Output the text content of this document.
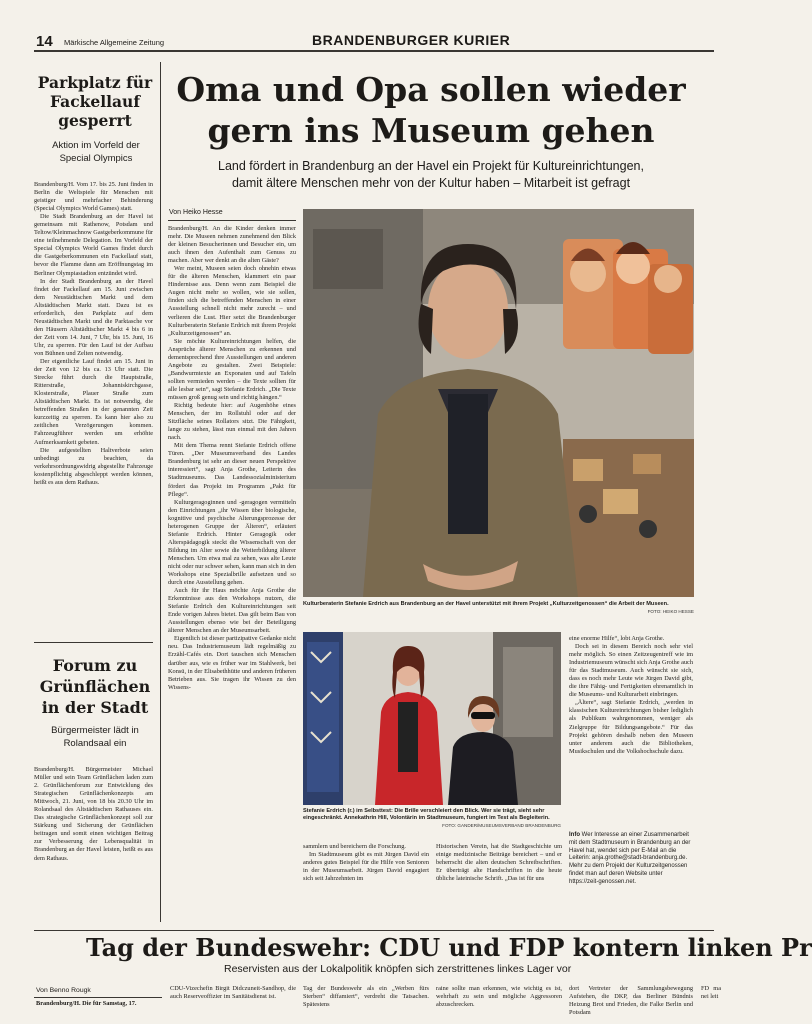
14 Märkische Allgemeine Zeitung	BRANDENBURGER KURIER
Parkplatz für Fackellauf gesperrt
Aktion im Vorfeld der Special Olympics

Brandenburg/H. Vom 17. bis 25. Juni finden in Berlin die Weltspiele für Menschen mit geistiger und mehrfacher Behinderung (Special Olympics World Games) statt.

Die Stadt Brandenburg an der Havel ist gemeinsam mit Rathenow, Potsdam und Teltow/Kleinmachnow Gastgeberkommune für eine teilnehmende Delegation. Im Vorfeld der Special Olympics World Games findet durch die Gastgeberkommunen ein Fackellauf statt, bevor die Flamme dann am Eröffnungstag im Berliner Olympiastadion entzündet wird.

In der Stadt Brandenburg an der Havel findet der Fackellauf am 15. Juni zwischen dem Neustädtischen Markt und dem Altstädtischen Markt statt. Dazu ist es erforderlich, den Parkplatz auf dem Neustädtischen Markt und die Parktasche vor den Häusern Altstädtischer Markt 4 bis 6 in der Zeit vom 14. Juni, 7 Uhr, bis 15. Juni, 16 Uhr, zu sperren. Für den Lauf ist der Aufbau von Bühnen und Zelten notwendig.

Der eigentliche Lauf findet am 15. Juni in der Zeit von 12 bis ca. 13 Uhr statt. Die Strecke führt durch die Hauptstraße, Ritterstraße, Johanniskirchgasse, Klosterstraße, Plauer Straße zum Altstädtischen Markt. Es ist notwendig, die betreffenden Straßen in der genannten Zeit kurzzeitig zu sperren. Es kann hier also zu zeitlichen Verzögerungen kommen. Fahrzeugführer werden um erhöhte Aufmerksamkeit gebeten.

Die aufgestellten Haltverbote seien unbedingt zu beachten, da verkehrsordnungswidrig abgestellte Fahrzeuge kostenpflichtig abgeschleppt werden können, heißt es aus dem Rathaus.

Forum zu Grünflächen in der Stadt
Bürgermeister lädt in Rolandsaal ein

Brandenburg/H. Bürgermeister Michael Müller und sein Team Grünflächen laden zum 2. Grünflächenforum zur Entwicklung des Strategischen Grünflächenkonzepts am Mittwoch, 21. Juni, von 18 bis 20.30 Uhr im Rolandsaal des Altstädtischen Rathauses ein. Das strategische Grünflächenkonzept soll zur Stärkung und Sicherung der Grünflächen beitragen und somit einen wichtigen Beitrag zur Verbesserung der Lebensqualität in Brandenburg an der Havel leisten, heißt es aus dem Rathaus.

Oma und Opa sollen wieder
gern ins Museum gehen
Land fördert in Brandenburg an der Havel ein Projekt für Kultureinrichtungen,
damit ältere Menschen mehr von der Kultur haben – Mitarbeit ist gefragt
Von Heiko Hesse

Brandenburg/H. An die Kinder denken immer mehr. Die Museen nehmen zunehmend den Blick der kleinen Besucherinnen und Besucher ein, um auch ihnen den Aufenthalt zum Genuss zu machen. Aber wer denkt an die alten Gäste?

Wer meint, Museen seien doch ohnehin etwas für die älteren Menschen, klammert ein paar Hindernisse aus. Denn wenn zum Beispiel die Augen nicht mehr so wollen, wie sie sollen, finden sich die betreffenden Menschen in einer Ausstellung schnell nicht mehr zurecht – und verlieren die Lust. Hier setzt die Brandenburger Kulturberaterin Stefanie Erdrich mit ihrem Projekt „Kulturzeitgenossen“ an.

Sie möchte Kultureinrichtungen helfen, die Ansprüche älterer Menschen zu erkennen und dementsprechend ihre Ausstellungen und anderen Angebote zu gestalten. Zwei Beispiele: „Bandwurmtexte an Exponaten und auf Tafeln sollten vermieden werden – die Texte sollten für alle lesbar sein“, sagt Stefanie Erdrich. „Die Texte müssen groß genug sein und richtig hängen.“

Richtig bedeute hier: auf Augenhöhe eines Menschen, der im Rollstuhl oder auf der Sitzfläche seines Rollators sitzt. Die Fähigkeit, lange zu stehen, lässt nun einmal mit den Jahren nach.

Mit dem Thema rennt Stefanie Erdrich offene Türen. „Der Museumsverband des Landes Brandenburg ist sehr an dieser neuen Perspektive interessiert“, sagt Anja Grothe, Leiterin des Stadtmuseums. Das Landessozialministerium fördert das Projekt im Programm „Pakt für Pflege“.

Kulturgeragoginnen und -geragogen vermitteln den Einrichtungen „ihr Wissen über biologische, kognitive und psychische Alterungsprozesse der heterogenen Gruppe der Älteren“, erläutert Stefanie Erdrich. Hinter Geragogik oder Alterspädagogik steckt die Wissenschaft von der Bildung im Alter sowie die Weiterbildung älterer Menschen. Um etwa mal zu sehen, was alte Leute nicht oder nur schwer sehen, kann man sich in den Workshops eine Spezialbrille aufsetzen und so durch eine Ausstellung gehen.

Auch für ihr Haus möchte Anja Grothe die Erkenntnisse aus den Workshops nutzen, die Stefanie Erdrich den Kultureinrichtungen seit Ende vorigen Jahres bietet. Das gilt beim Bau von Ausstellungen ebenso wie bei der Beteiligung älterer Menschen an der Museumsarbeit.

Eigentlich ist dieser partizipative Gedanke nicht neu. Das Industriemuseum lädt regelmäßig zu Erzähl-Cafés ein. Dort tauschen sich Menschen darüber aus, wie es früher war im Stahlwerk, bei Konsü, in der Elisabethhütte und anderen früheren Betrieben aus. Sie tragen ihr Wissen zu den Wissens-

Kulturberaterin Stefanie Erdrich aus Brandenburg an der Havel unterstützt mit ihrem Projekt „Kulturzeitgenossen“ die Arbeit der Museen.
FOTO: HEIKO HESSE
Stefanie Erdrich (r.) im Selbsttest: Die Brille verschleiert den Blick. Wer sie trägt, sieht sehr eingeschränkt. Annekathrin Hill, Volontärin im Stadtmuseum, fungiert im Test als Begleiterin.
FOTO: GANDER/MUSEUMSVERBAND BRANDENBURG

sammlern und bereichern die Forschung.

Im Stadtmuseum gibt es mit Jürgen David ein anderes gutes Beispiel für die Hilfe von Senioren in der Museumsarbeit. Jürgen David engagiert sich seit Jahrzehnten im

Historischen Verein, hat die Stadtgeschichte um einige medizinische Beiträge bereichert – und er beherrscht die alten deutschen Schreibschriften. Er überträgt alte Handschriften in die heute übliche lateinische Schrift. „Das ist für uns

eine enorme Hilfe“, lobt Anja Grothe.

Doch sei in diesem Bereich noch sehr viel mehr möglich. So einen Zeitzeugentreff wie im Industriemuseum wünscht sich Anja Grothe auch für das Stadtmuseum. Auch wünscht sie sich, dass es noch mehr Leute wie Jürgen David gibt, die ihre Fähig- und Fertigkeiten ehrenamtlich in die Museums- und Kulturarbeit einbringen.

„Ältere“, sagt Stefanie Erdrich, „werden in klassischen Kultureinrichtungen bisher lediglich als Publikum wahrgenommen, weniger als Zielgruppe für Bildungsangebote.“ Für das Projekt gehören deshalb neben den Museen unter anderem auch die Bibliotheken, Musikschulen und die Volkshochschule dazu.

Info Wer Interesse an einer Zusammenarbeit mit dem Stadtmuseum in Brandenburg an der Havel hat, wendet sich per E-Mail an die Leiterin: anja.grothe@stadt-brandenburg.de. Mehr zu dem Projekt der Kulturzeitgenossen findet man auf deren Website unter https://zeit-genossen.net.
Tag der Bundeswehr: CDU und FDP kontern linken Pr
Reservisten aus der Lokalpolitik knöpfen sich zerstrittenes linkes Lager vor
Von Benno Rougk
Brandenburg/H. Die für Samstag, 17.
CDU-Vizechefin Birgit Didczuneit-Sandhop, die auch Reserveoffizier im Sanitätsdienst ist.
Tag der Bundeswehr als ein „Werben fürs Sterben“ diffamiert“, verdreht die Tatsachen. Spätestens
raine sollte man erkennen, wie wichtig es ist, wehrhaft zu sein und mögliche Aggressoren abzuschrecken.
dort Vertreter der Sammlungsbewegung Aufstehen, die DKP, das Berliner Bündnis Heizung Brot und Frieden, die Falke Berlin und Potsdam
FD ma nei leit
